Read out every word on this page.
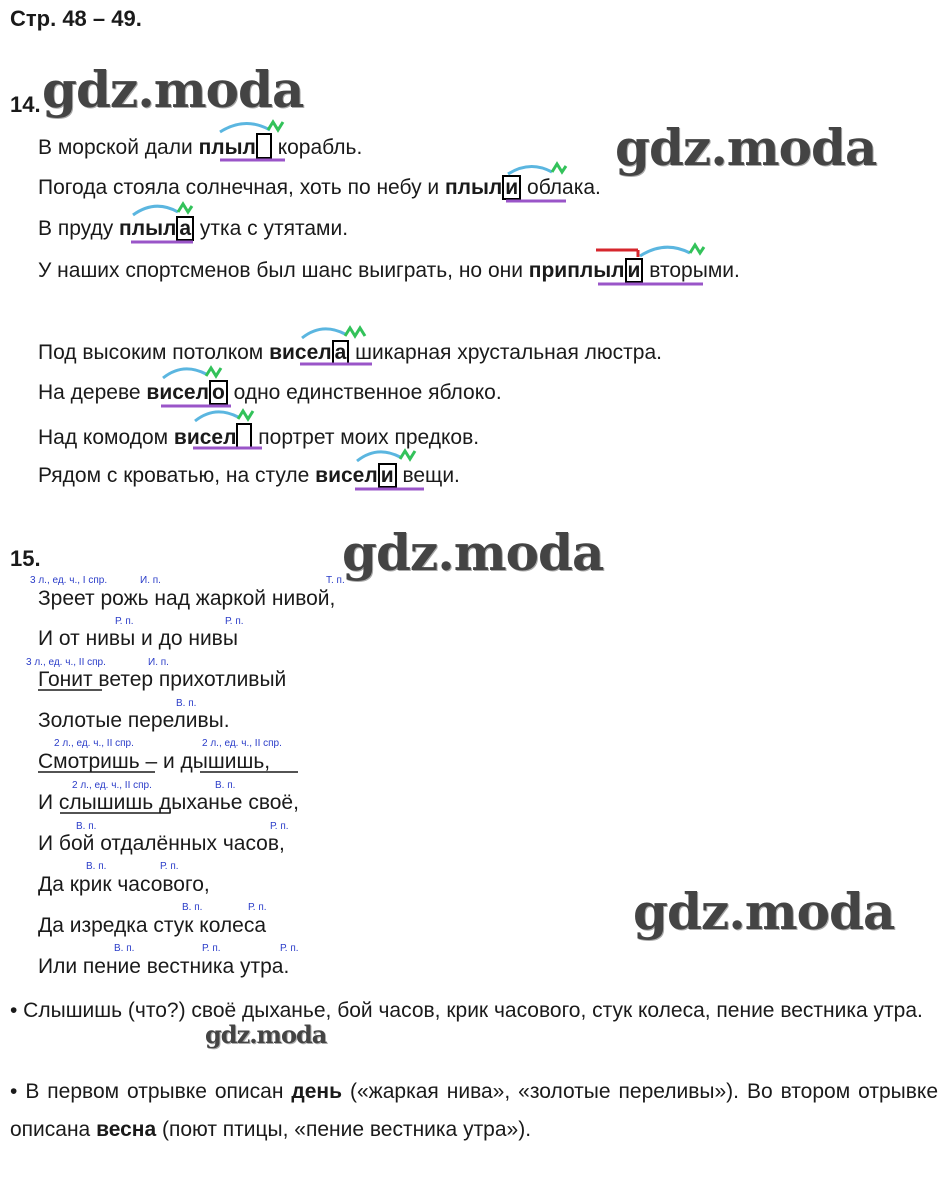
Стр. 48 – 49.
gdz.moda
gdz.moda
gdz.moda
gdz.moda
gdz.moda
14.
В морской дали плыл корабль.
Погода стояла солнечная, хоть по небу и плыл и облака.
В пруду плыл а утка с утятами.
У наших спортсменов был шанс выиграть, но они приплыл и вторыми.
Под высоким потолком висел а шикарная хрустальная люстра.
На дереве висел о одно единственное яблоко.
Над комодом висел портрет моих предков.
Рядом с кроватью, на стуле висел и вещи.
15.
3 л., ед. ч., I спр.	И. п.	Т. п.
Р. п.	Р. п.
3 л., ед. ч., II спр.	И. п.
В. п.
2 л., ед. ч., II спр.	2 л., ед. ч., II спр.
2 л., ед. ч., II спр.	В. п.
В. п.	Р. п.
В. п.	Р. п.
В. п.	Р. п.
В. п.	Р. п.	Р. п.
Зреет рожь над жаркой нивой,
И от нивы и до нивы
Гонит ветер прихотливый
Золотые переливы.
Смотришь – и дышишь,
И слышишь дыханье своё,
И бой отдалённых часов,
Да крик часового,
Да изредка стук колеса
Или пение вестника утра.
• Слышишь (что?) своё дыханье, бой часов, крик часового, стук колеса, пение вестника утра.
• В первом отрывке описан день («жаркая нива», «золотые переливы»). Во втором отрывке описана весна (поют птицы, «пение вестника утра»).
